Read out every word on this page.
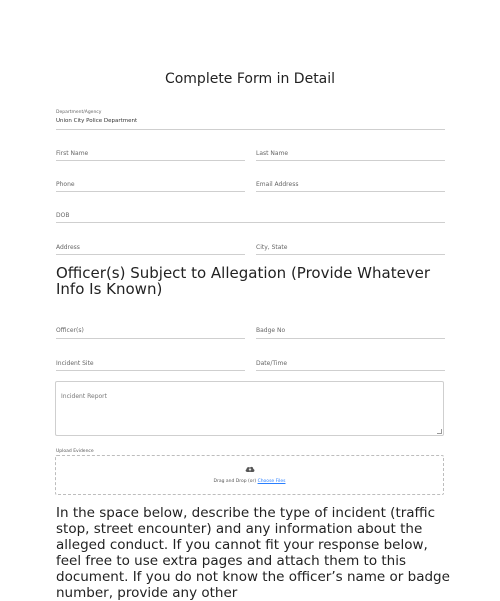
Complete Form in Detail
Department/Agency
Union City Police Department
First Name	Last Name
Phone	Email Address
DOB
Address	City, State
Officer(s) Subject to Allegation (Provide Whatever Info Is Known)
Officer(s)	Badge No
Incident Site	Date/Time
Incident Report
Upload Evidence
Drag and Drop (or) Choose Files
In the space below, describe the type of incident (traffic stop, street encounter) and any information about the alleged conduct. If you cannot fit your response below, feel free to use extra pages and attach them to this document. If you do not know the officer’s name or badge number, provide any other
